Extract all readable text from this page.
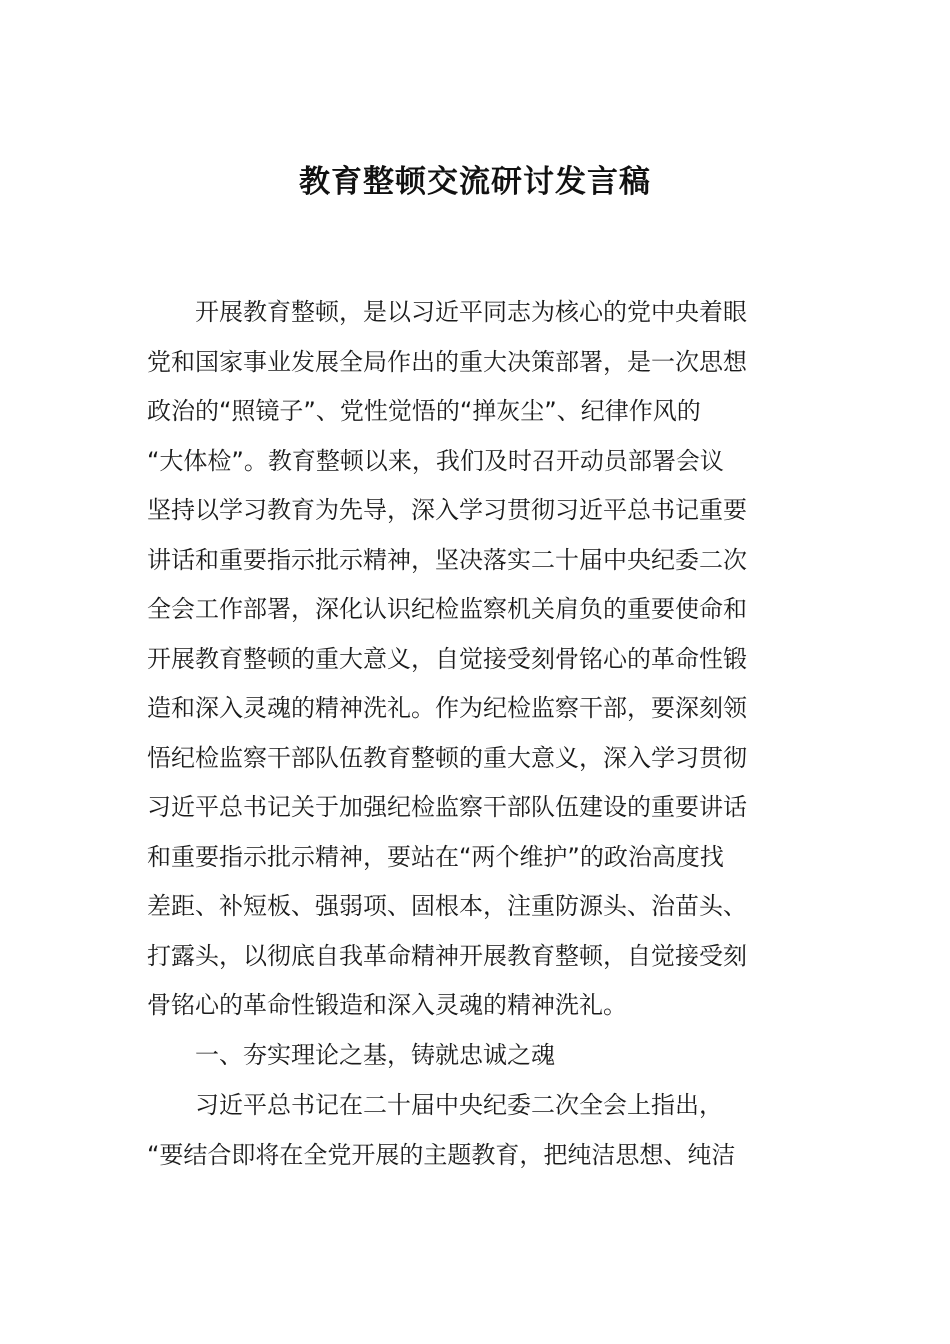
教育整顿交流研讨发言稿
　　开展教育整顿，是以习近平同志为核心的党中央着眼
党和国家事业发展全局作出的重大决策部署，是一次思想
政治的“照镜子”、党性觉悟的“掸灰尘”、纪律作风的
“大体检”。教育整顿以来，我们及时召开动员部署会议
坚持以学习教育为先导，深入学习贯彻习近平总书记重要
讲话和重要指示批示精神，坚决落实二十届中央纪委二次
全会工作部署，深化认识纪检监察机关肩负的重要使命和
开展教育整顿的重大意义，自觉接受刻骨铭心的革命性锻
造和深入灵魂的精神洗礼。作为纪检监察干部，要深刻领
悟纪检监察干部队伍教育整顿的重大意义，深入学习贯彻
习近平总书记关于加强纪检监察干部队伍建设的重要讲话
和重要指示批示精神，要站在“两个维护”的政治高度找
差距、补短板、强弱项、固根本，注重防源头、治苗头、
打露头，以彻底自我革命精神开展教育整顿，自觉接受刻
骨铭心的革命性锻造和深入灵魂的精神洗礼。
　　一、夯实理论之基，铸就忠诚之魂
　　习近平总书记在二十届中央纪委二次全会上指出，
“要结合即将在全党开展的主题教育，把纯洁思想、纯洁
